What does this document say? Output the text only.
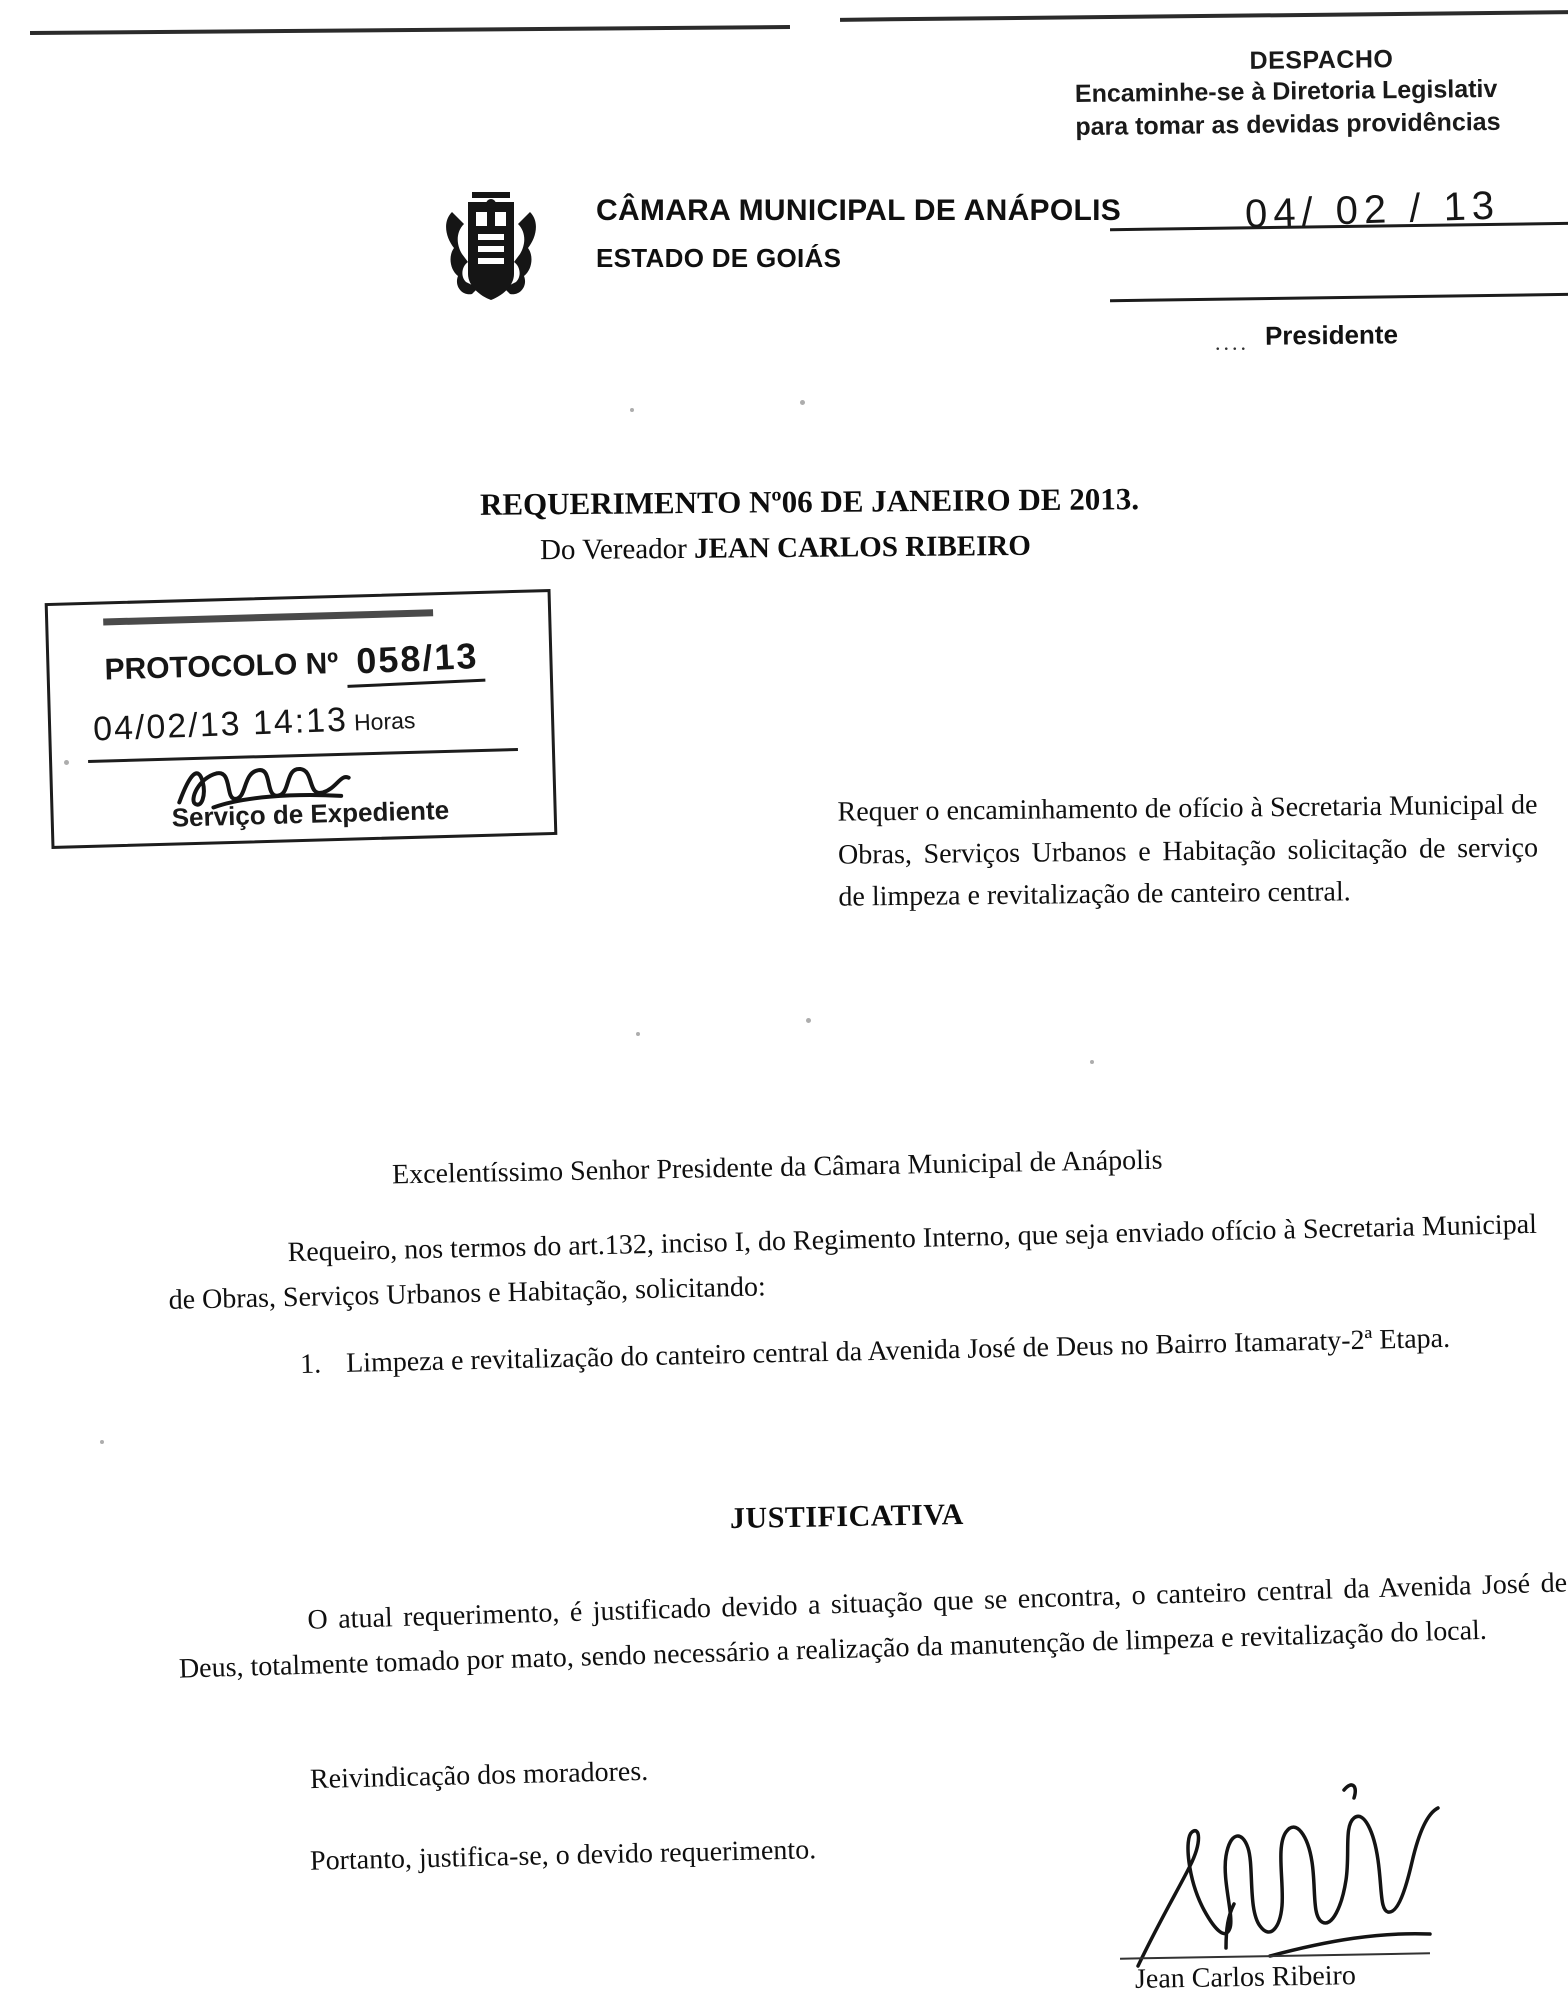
DESPACHO
Encaminhe-se à Diretoria Legislativ
para tomar as devidas providências
04/ 02 / 13
.... Presidente
CÂMARA MUNICIPAL DE ANÁPOLIS
ESTADO DE GOIÁS
REQUERIMENTO Nº06 DE JANEIRO DE 2013.
Do Vereador JEAN CARLOS RIBEIRO
PROTOCOLO Nº 058/13
04/02/13 14:13 Horas
Serviço de Expediente	Requer o encaminhamento de ofício à Secretaria Municipal de Obras, Serviços Urbanos e Habitação solicitação de serviço de limpeza e revitalização de canteiro central.
Excelentíssimo Senhor Presidente da Câmara Municipal de Anápolis
Requeiro, nos termos do art.132, inciso I, do Regimento Interno, que seja enviado ofício à Secretaria Municipal de Obras, Serviços Urbanos e Habitação, solicitando:
1. Limpeza e revitalização do canteiro central da Avenida José de Deus no Bairro Itamaraty-2ª Etapa.
JUSTIFICATIVA
O atual requerimento, é justificado devido a situação que se encontra, o canteiro central da Avenida José de Deus, totalmente tomado por mato, sendo necessário a realização da manutenção de limpeza e revitalização do local.
Reivindicação dos moradores.
Portanto, justifica-se, o devido requerimento.
Jean Carlos Ribeiro
